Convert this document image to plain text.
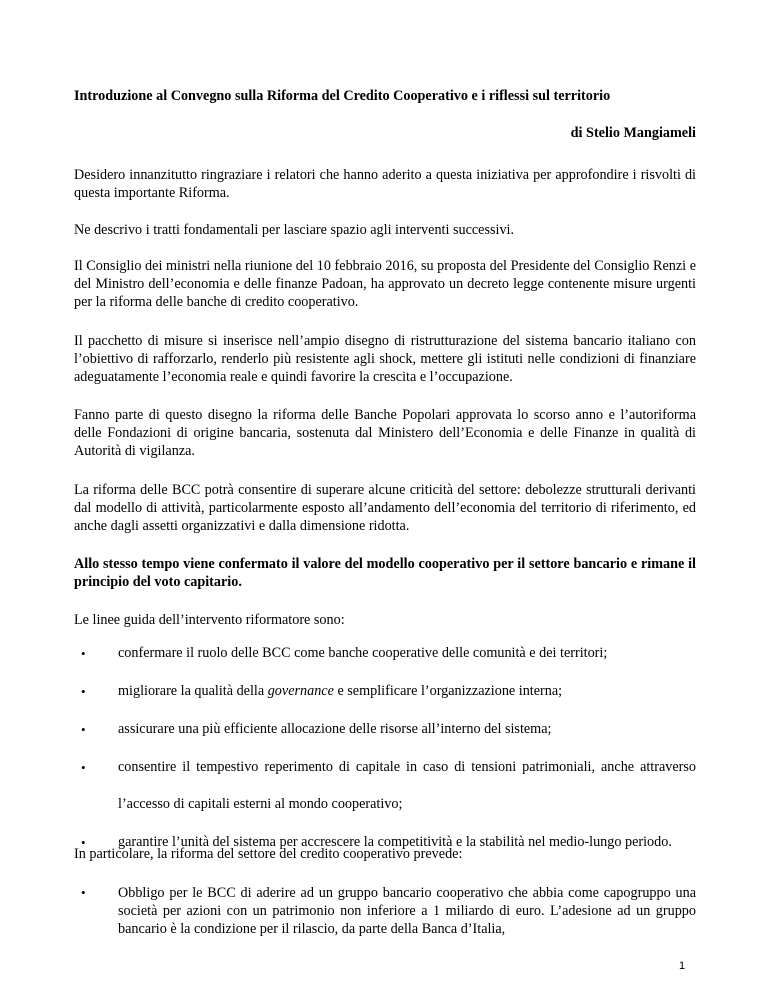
Introduzione al Convegno sulla Riforma del Credito Cooperativo e i riflessi sul territorio
di Stelio Mangiameli
Desidero innanzitutto ringraziare i relatori che hanno aderito a questa iniziativa per approfondire i risvolti di questa importante Riforma.
Ne descrivo i tratti fondamentali per lasciare spazio agli interventi successivi.
Il Consiglio dei ministri nella riunione del 10 febbraio 2016, su proposta del Presidente del Consiglio Renzi e del Ministro dell’economia e delle finanze Padoan, ha approvato un decreto legge contenente misure urgenti per la riforma delle banche di credito cooperativo.
Il pacchetto di misure si inserisce nell’ampio disegno di ristrutturazione del sistema bancario italiano con l’obiettivo di rafforzarlo, renderlo più resistente agli shock, mettere gli istituti nelle condizioni di finanziare adeguatamente l’economia reale e quindi favorire la crescita e l’occupazione.
Fanno parte di questo disegno la riforma delle Banche Popolari approvata lo scorso anno e l’autoriforma delle Fondazioni di origine bancaria, sostenuta dal Ministero dell’Economia e delle Finanze in qualità di Autorità di vigilanza.
La riforma delle BCC potrà consentire di superare alcune criticità del settore: debolezze strutturali derivanti dal modello di attività, particolarmente esposto all’andamento dell’economia del territorio di riferimento, ed anche dagli assetti organizzativi e dalla dimensione ridotta.
Allo stesso tempo viene confermato il valore del modello cooperativo per il settore bancario e rimane il principio del voto capitario.
Le linee guida dell’intervento riformatore sono:
• confermare il ruolo delle BCC come banche cooperative delle comunità e dei territori;
• migliorare la qualità della governance e semplificare l’organizzazione interna;
• assicurare una più efficiente allocazione delle risorse all’interno del sistema;
• consentire il tempestivo reperimento di capitale in caso di tensioni patrimoniali, anche attraverso l’accesso di capitali esterni al mondo cooperativo;
• garantire l’unità del sistema per accrescere la competitività e la stabilità nel medio-lungo periodo.
In particolare, la riforma del settore del credito cooperativo prevede:
• Obbligo per le BCC di aderire ad un gruppo bancario cooperativo che abbia come capogruppo una società per azioni con un patrimonio non inferiore a 1 miliardo di euro. L’adesione ad un gruppo bancario è la condizione per il rilascio, da parte della Banca d’Italia,
1
